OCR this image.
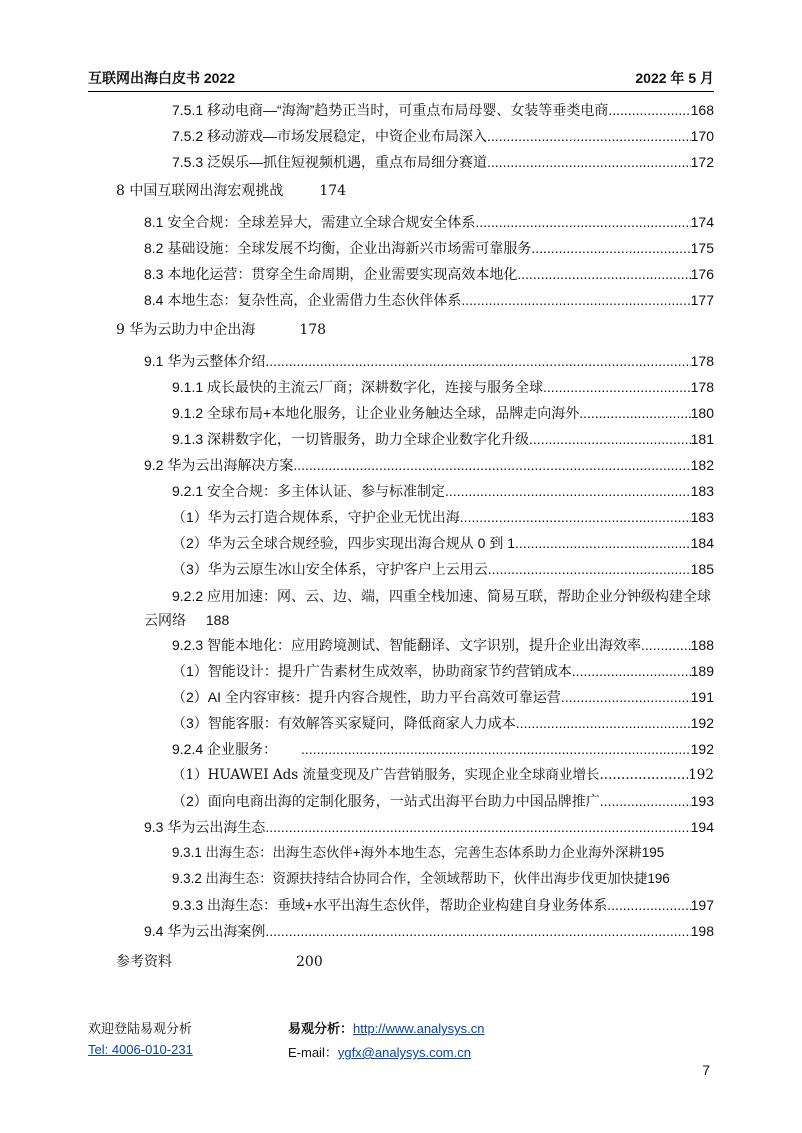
互联网出海白皮书 2022	2022 年 5 月
7.5.1 移动电商—“海淘”趋势正当时，可重点布局母婴、女装等垂类电商 .....	168
7.5.2 移动游戏—市场发展稳定，中资企业布局深入 .....	170
7.5.3 泛娱乐—抓住短视频机遇，重点布局细分赛道 .....	172
8 中国互联网出海宏观挑战	174
8.1 安全合规：全球差异大，需建立全球合规安全体系 .....	174
8.2 基础设施：全球发展不均衡，企业出海新兴市场需可靠服务 .....	175
8.3 本地化运营：贯穿全生命周期，企业需要实现高效本地化 .....	176
8.4 本地生态：复杂性高，企业需借力生态伙伴体系 .....	177
9 华为云助力中企出海	178
9.1 华为云整体介绍 .....	178
9.1.1 成长最快的主流云厂商；深耕数字化，连接与服务全球 .....	178
9.1.2 全球布局+本地化服务，让企业业务触达全球，品牌走向海外 .....	180
9.1.3 深耕数字化，一切皆服务，助力全球企业数字化升级 .....	181
9.2 华为云出海解决方案 .....	182
9.2.1 安全合规：多主体认证、参与标准制定 .....	183
（1）华为云打造合规体系，守护企业无忧出海 .....	183
（2）华为云全球合规经验，四步实现出海合规从 0 到 1 .....	184
（3）华为云原生冰山安全体系，守护客户上云用云 .....	185
9.2.2 应用加速：网、云、边、端，四重全栈加速、简易互联，帮助企业分钟级构建全球云网络 188
9.2.3 智能本地化：应用跨境测试、智能翻译、文字识别，提升企业出海效率 .....	188
（1）智能设计：提升广告素材生成效率，协助商家节约营销成本 .....	189
（2）AI 全内容审核：提升内容合规性，助力平台高效可靠运营 .....	191
（3）智能客服：有效解答买家疑问，降低商家人力成本 .....	192
9.2.4 企业服务： .....	192
（1）HUAWEI Ads 流量变现及广告营销服务，实现企业全球商业增长 .....	192
（2）面向电商出海的定制化服务，一站式出海平台助力中国品牌推广 .....	193
9.3 华为云出海生态 .....	194
9.3.1 出海生态：出海生态伙伴+海外本地生态，完善生态体系助力企业海外深耕 195
9.3.2 出海生态：资源扶持结合协同合作，全领域帮助下，伙伴出海步伐更加快捷 196
9.3.3 出海生态：垂域+水平出海生态伙伴，帮助企业构建自身业务体系 .....	197
9.4 华为云出海案例 .....	198
参考资料	200
欢迎登陆易观分析
Tel: 4006-010-231
易观分析：http://www.analysys.cn
E-mail：ygfx@analysys.com.cn
7
